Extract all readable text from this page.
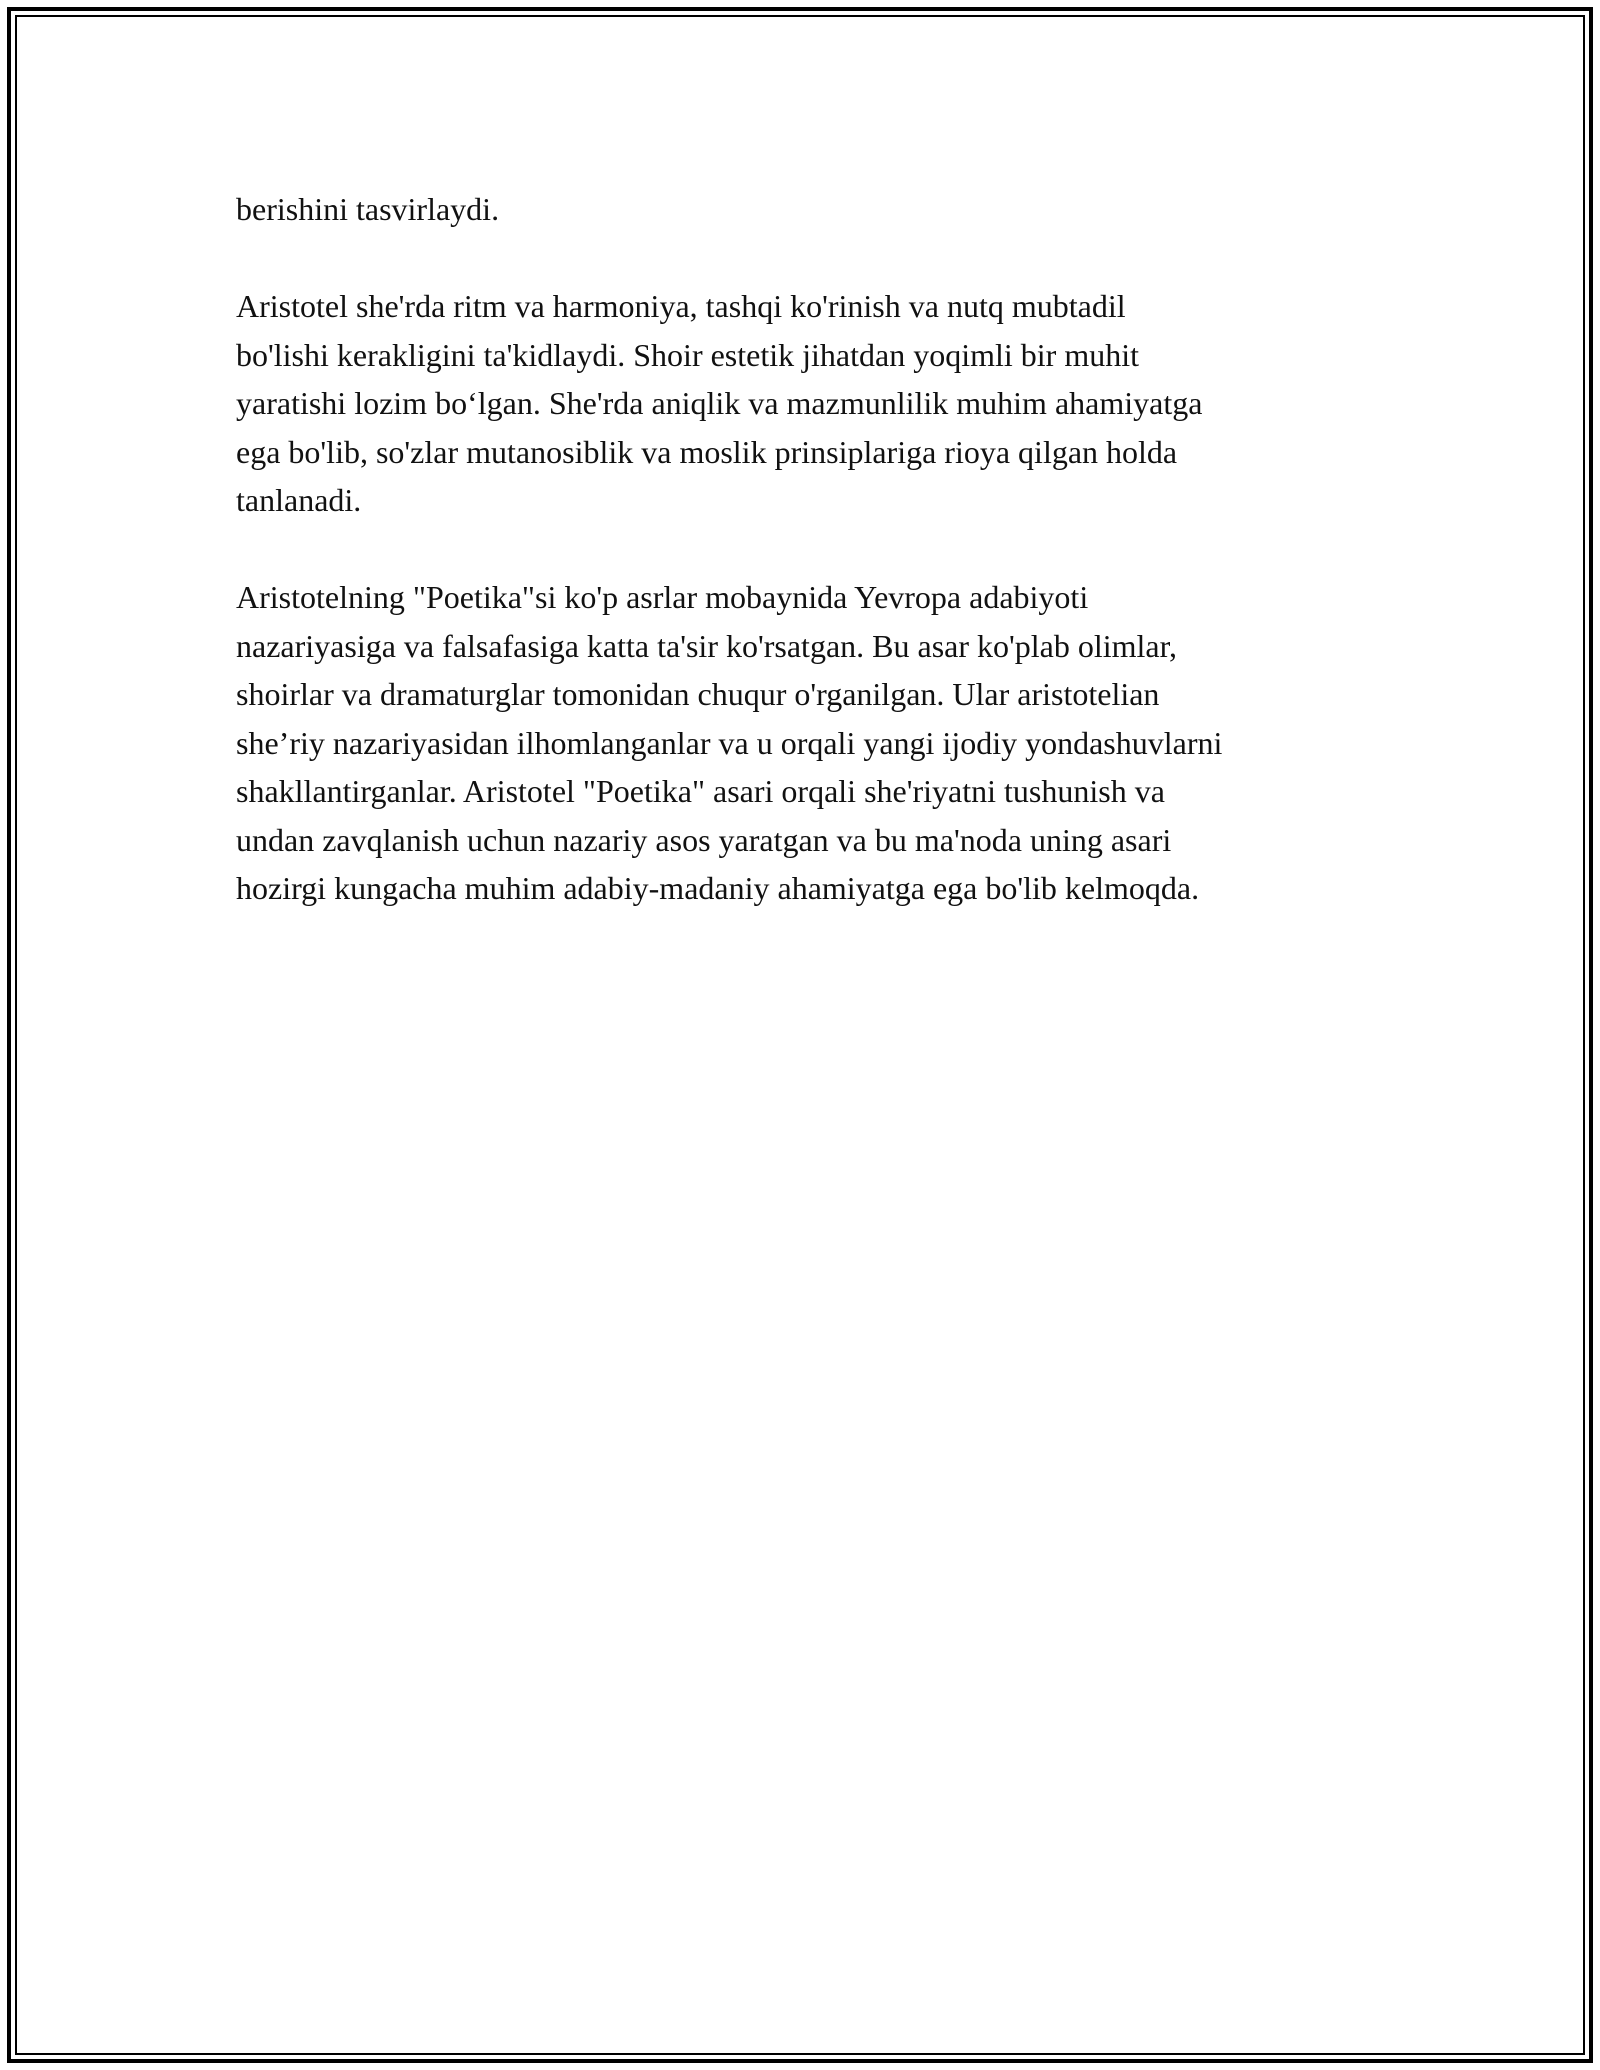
berishini tasvirlaydi.

Aristotel she'rda ritm va harmoniya, tashqi ko'rinish va nutq mubtadil
bo'lishi kerakligini ta'kidlaydi. Shoir estetik jihatdan yoqimli bir muhit
yaratishi lozim bo‘lgan. She'rda aniqlik va mazmunlilik muhim ahamiyatga
ega bo'lib, so'zlar mutanosiblik va moslik prinsiplariga rioya qilgan holda
tanlanadi.

Aristotelning "Poetika"si ko'p asrlar mobaynida Yevropa adabiyoti
nazariyasiga va falsafasiga katta ta'sir ko'rsatgan. Bu asar ko'plab olimlar,
shoirlar va dramaturglar tomonidan chuqur o'rganilgan. Ular aristotelian
she’riy nazariyasidan ilhomlanganlar va u orqali yangi ijodiy yondashuvlarni
shakllantirganlar. Aristotel "Poetika" asari orqali she'riyatni tushunish va
undan zavqlanish uchun nazariy asos yaratgan va bu ma'noda uning asari
hozirgi kungacha muhim adabiy-madaniy ahamiyatga ega bo'lib kelmoqda.
